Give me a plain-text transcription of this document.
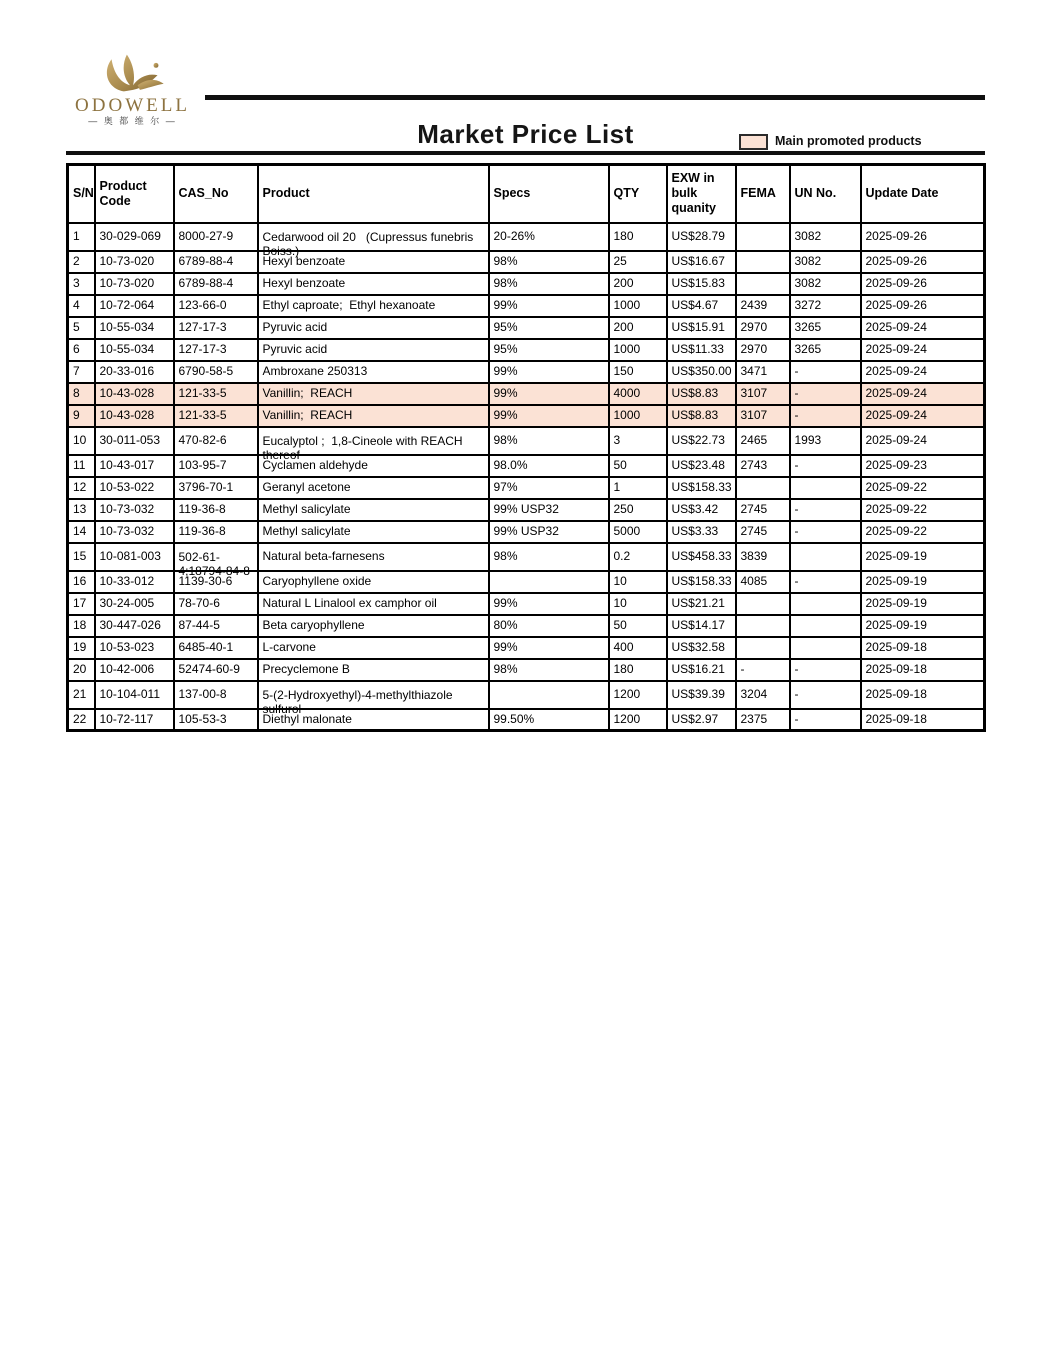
ODOWELL
— 奥 都 维 尔 —	Market Price List	Main promoted products
S/N	Product Code	CAS_No	Product	Specs	QTY	EXW in bulk quanity	FEMA	UN No.	Update Date

1	30-029-069	8000-27-9	Cedarwood oil 20   (Cupressus funebris
Boiss.)	20-26%	180	US$28.79		3082	2025-09-26

2	10-73-020	6789-88-4	Hexyl benzoate	98%	25	US$16.67		3082	2025-09-26

3	10-73-020	6789-88-4	Hexyl benzoate	98%	200	US$15.83		3082	2025-09-26

4	10-72-064	123-66-0	Ethyl caproate;  Ethyl hexanoate	99%	1000	US$4.67	2439	3272	2025-09-26

5	10-55-034	127-17-3	Pyruvic acid	95%	200	US$15.91	2970	3265	2025-09-24

6	10-55-034	127-17-3	Pyruvic acid	95%	1000	US$11.33	2970	3265	2025-09-24

7	20-33-016	6790-58-5	Ambroxane 250313	99%	150	US$350.00	3471	-	2025-09-24

8	10-43-028	121-33-5	Vanillin;  REACH	99%	4000	US$8.83	3107	-	2025-09-24

9	10-43-028	121-33-5	Vanillin;  REACH	99%	1000	US$8.83	3107	-	2025-09-24

10	30-011-053	470-82-6	Eucalyptol ;  1,8-Cineole with REACH
thereof	98%	3	US$22.73	2465	1993	2025-09-24

11	10-43-017	103-95-7	Cyclamen aldehyde	98.0%	50	US$23.48	2743	-	2025-09-23

12	10-53-022	3796-70-1	Geranyl acetone	97%	1	US$158.33			2025-09-22

13	10-73-032	119-36-8	Methyl salicylate	99% USP32	250	US$3.42	2745	-	2025-09-22

14	10-73-032	119-36-8	Methyl salicylate	99% USP32	5000	US$3.33	2745	-	2025-09-22

15	10-081-003	502-61-
4;18794-84-8	Natural beta-farnesens	98%	0.2	US$458.33	3839		2025-09-19

16	10-33-012	1139-30-6	Caryophyllene oxide		10	US$158.33	4085	-	2025-09-19

17	30-24-005	78-70-6	Natural L Linalool ex camphor oil	99%	10	US$21.21			2025-09-19

18	30-447-026	87-44-5	Beta caryophyllene	80%	50	US$14.17			2025-09-19

19	10-53-023	6485-40-1	L-carvone	99%	400	US$32.58			2025-09-18

20	10-42-006	52474-60-9	Precyclemone B	98%	180	US$16.21	-	-	2025-09-18

21	10-104-011	137-00-8	5-(2-Hydroxyethyl)-4-methylthiazole
sulfurol		1200	US$39.39	3204	-	2025-09-18

22	10-72-117	105-53-3	Diethyl malonate	99.50%	1200	US$2.97	2375	-	2025-09-18
